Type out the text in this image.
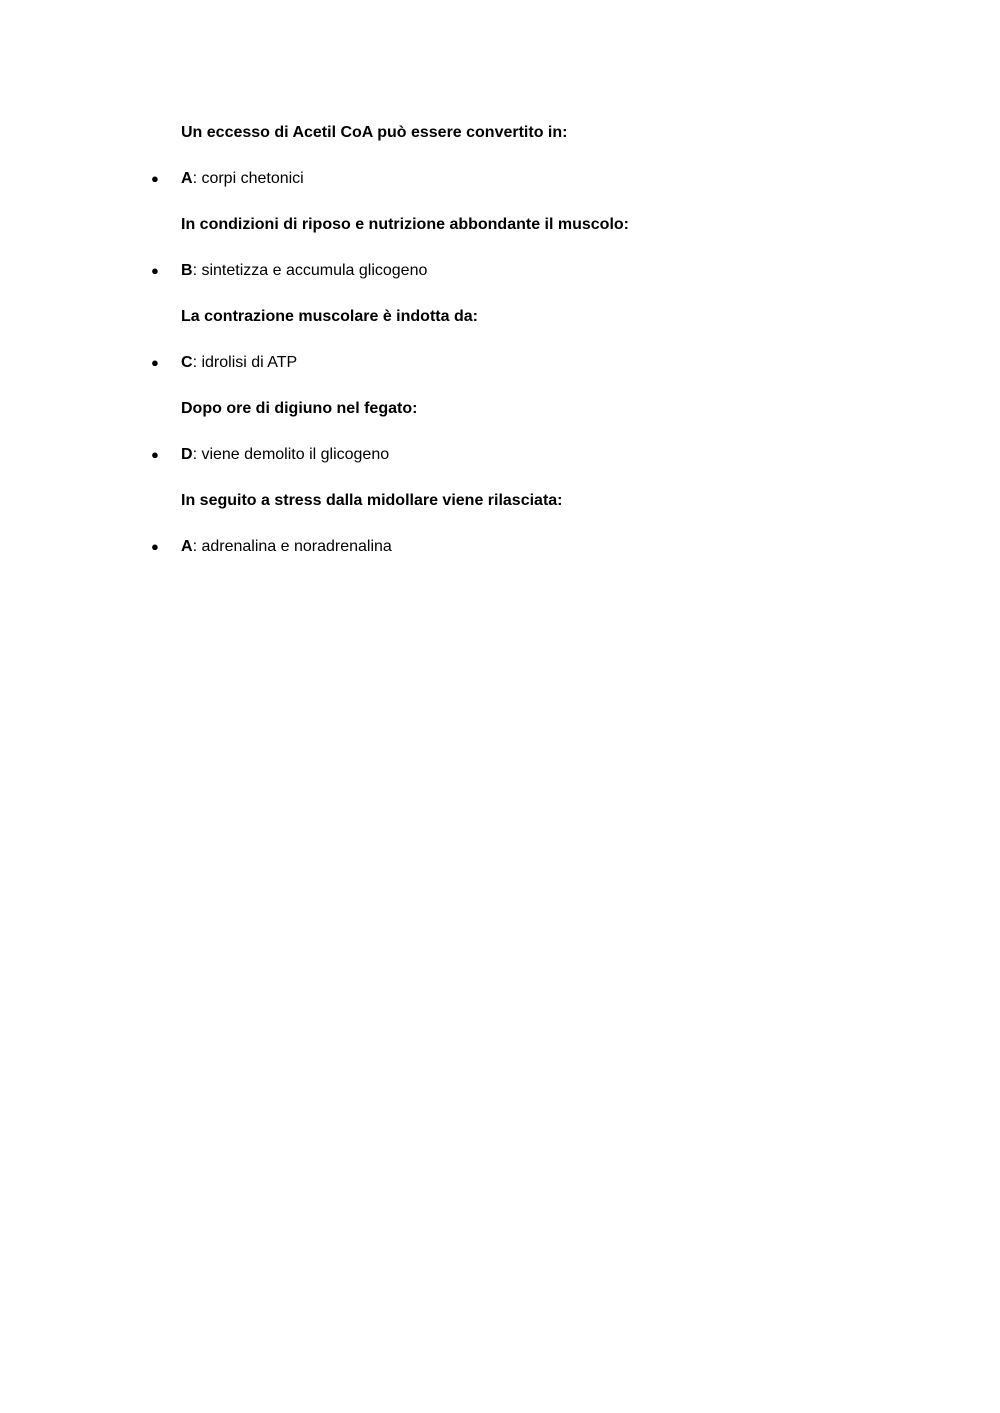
Un eccesso di Acetil CoA può essere convertito in:
● A: corpi chetonici
In condizioni di riposo e nutrizione abbondante il muscolo:
● B: sintetizza e accumula glicogeno
La contrazione muscolare è indotta da:
● C: idrolisi di ATP
Dopo ore di digiuno nel fegato:
● D: viene demolito il glicogeno
In seguito a stress dalla midollare viene rilasciata:
● A: adrenalina e noradrenalina
